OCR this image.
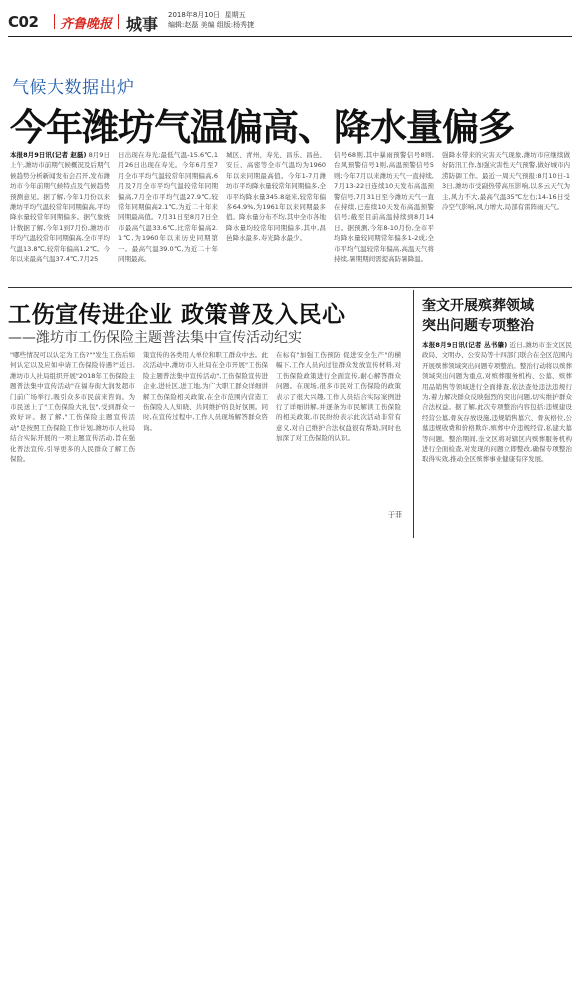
C02 齐鲁晚报 城事 2018年8月10日 星期五
编辑:赵磊 美编 组版:杨秀捷
气候大数据出炉
今年潍坊气温偏高、降水量偏多
本报8月9日讯(记者 赵磊) 8月9日上午,潍坊市前期气候概况及后期气候趋势分析新闻发布会召开,发布潍坊市今年前期气候特点及气候趋势预测意见。据了解,今年1月份以来潍坊平均气温较常年同期偏高,平均降水量较常年同期偏多。据气象统计数据了解,今年1到7月份,潍坊市平均气温较常年同期偏高,全市平均气温13.8℃,较常年偏高1.2℃。今年以来最高气温37.4℃,7月25
日出现在寿光;最低气温-15.6℃,1月26日出现在寿光。今年6月至7月全市平均气温较常年同期偏高,6月及7月全市平均气温较常年同期偏高,7月全市平均气温27.9℃,较常年同期偏高2.1℃,为近二十年来同期最高值。7月31日至8月7日全市最高气温33.6℃,比常年偏高2.1℃,为1960年以来历史同期第一。最高气温39.0℃,为近二十年同期最高。
城区、青州、寿光、昌乐、昌邑、安丘、高密等全市气温均为1960年以来同期最高值。今年1-7月潍坊市平均降水量较常年同期偏多,全市平均降水量345.8毫米,较常年偏多64.9%,为1961年以来同期最多值。降水量分布不均,其中全市各地降水量均较常年同期偏多,其中,昌邑降水最多,寿光降水最少。
信号68则,其中暴雨预警信号8则,台风预警信号1则,高温预警信号5则;今年7月以来潍坊天气一直持续,7月13-22日连续10天发布高温预警信号,7月31日至今潍坊天气一直在持续,已连续10天发布高温预警信号;截至目前高温持续到8月14日。据预测,今年8-10月份,全市平均降水量较同期常年偏多1-2成;全市平均气温较常年偏高,高温天气将持续,暑期期间需提高防暑降温。
强降水带来的灾害天气现象,潍坊市应继续做好防汛工作,加强灾害性天气预警,做好城市内涝防御工作。最近一周天气预报:8月10日-13日,潍坊市受副热带高压影响,以多云天气为主,风力不大,最高气温35℃左右;14-16日受冷空气影响,风力增大,局部有雷阵雨天气。
工伤宣传进企业 政策普及入民心
——潍坊市工伤保险主题普法集中宣传活动纪实
"哪些情况可以认定为工伤?""发生工伤后如何认定以及应如申请工伤保险待遇?"近日,潍坊市人社局组织开展"2018年工伤保险主题普法集中宣传活动"在福寿街大润发超市门前广场举行,吸引众多市民前来咨询。为市民送上了"工伤保险大礼包",受到群众一致好评。据了解,"工伤保险主题宣传活动"是按照工伤保险工作计划,潍坊市人社局结合实际开展的一项主题宣传活动,旨在强化普法宣传,引导更多的人民群众了解工伤保险。
策宣传的各类用人单位和职工群众中去。此次活动中,潍坊市人社局在全市开展"工伤保险主题普法集中宣传活动",工伤保险宣传进企业,进社区,进工地,为广大职工群众详细讲解工伤保险相关政策,在全市范围内营造工伤保险人人知晓、共同维护的良好氛围。同时,在宣传过程中,工作人员现场解答群众咨询。
在标有"加强工伤预防 促进安全生产"的横幅下,工作人员向过往群众发放宣传材料,对工伤保险政策进行全面宣传,耐心解答群众问题。在现场,很多市民对工伤保险的政策表示了很大兴趣,工作人员结合实际案例进行了详细讲解,并逐条为市民解读工伤保险的相关政策,市民纷纷表示此次活动非常有意义,对自己维护合法权益很有帮助,同时也加深了对工伤保险的认识。
奎文开展殡葬领域
突出问题专项整治
本报8月9日讯(记者 丛书肇) 近日,潍坊市奎文区民政局、文明办、公安局等十四部门联合在全区范围内开展殡葬领域突出问题专项整治。整治行动将以殡葬领域突出问题为重点,对殡葬服务机构、公墓、殡葬用品销售等领域进行全面排查,依法查处违法违规行为,着力解决群众反映强烈的突出问题,切实维护群众合法权益。据了解,此次专项整治内容包括:违规建设经营公墓,骨灰存放设施,违规销售墓穴、骨灰格位,公墓违规收费和价格欺诈,殡葬中介违规经营,私建大墓等问题。整治期间,奎文区将对辖区内殡葬服务机构进行全面检查,对发现的问题立即整改,确保专项整治取得实效,推动全区殡葬事业健康有序发展。
于菲
